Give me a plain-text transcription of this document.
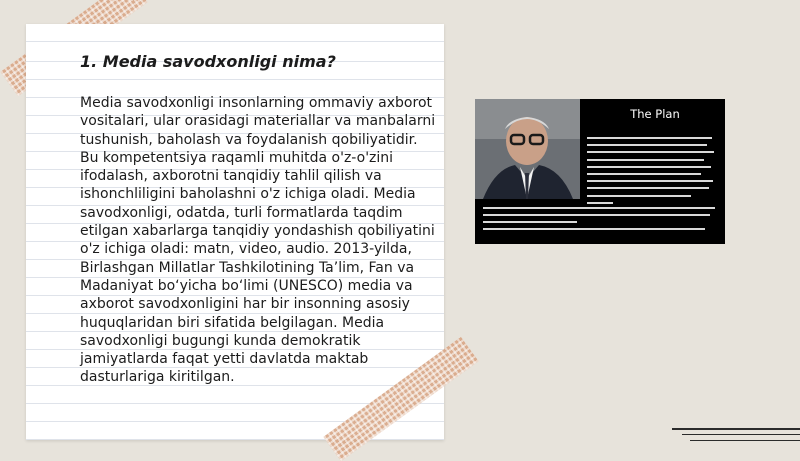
1. Media savodxonligi nima?

Media savodxonligi insonlarning ommaviy axborot vositalari, ular orasidagi materiallar va manbalarni tushunish, baholash va foydalanish qobiliyatidir. Bu kompetentsiya raqamli muhitda o'z-o'zini ifodalash, axborotni tanqidiy tahlil qilish va ishonchliligini baholashni o'z ichiga oladi. Media savodxonligi, odatda, turli formatlarda taqdim etilgan xabarlarga tanqidiy yondashish qobiliyatini o'z ichiga oladi: matn, video, audio. 2013-yilda, Birlashgan Millatlar Tashkilotining Ta’lim, Fan va Madaniyat bo‘yicha bo‘limi (UNESCO) media va axborot savodxonligini har bir insonning asosiy huquqlaridan biri sifatida belgilagan. Media savodxonligi bugungi kunda demokratik jamiyatlarda faqat yetti davlatda maktab dasturlariga kiritilgan.

The Plan
